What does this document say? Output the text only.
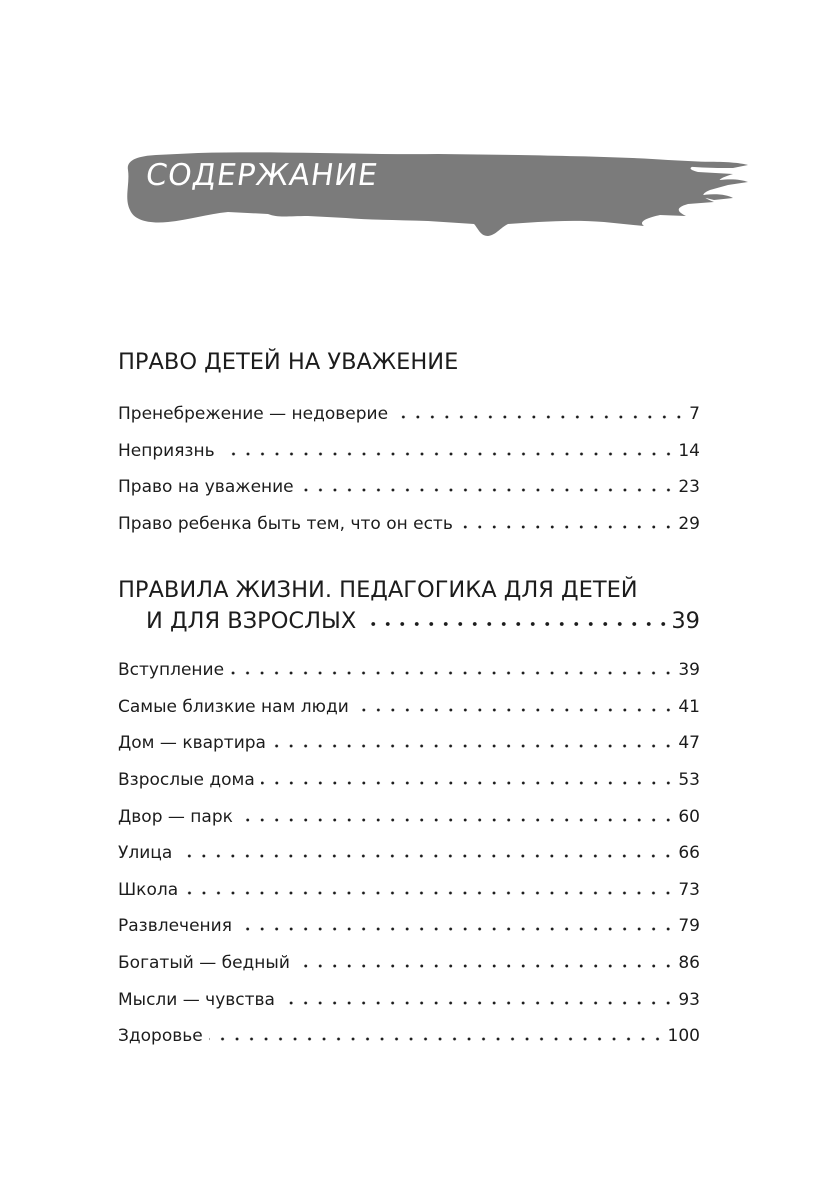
СОДЕРЖАНИЕ
ПРАВО ДЕТЕЙ НА УВАЖЕНИЕ
Пренебрежение — недоверие	7
Неприязнь	14
Право на уважение	23
Право ребенка быть тем, что он есть	29
ПРАВИЛА ЖИЗНИ. ПЕДАГОГИКА ДЛЯ ДЕТЕЙ
И ДЛЯ ВЗРОСЛЫХ	39
Вступление	39
Самые близкие нам люди	41
Дом — квартира	47
Взрослые дома	53
Двор — парк	60
Улица	66
Школа	73
Развлечения	79
Богатый — бедный	86
Мысли — чувства	93
Здоровье	100
